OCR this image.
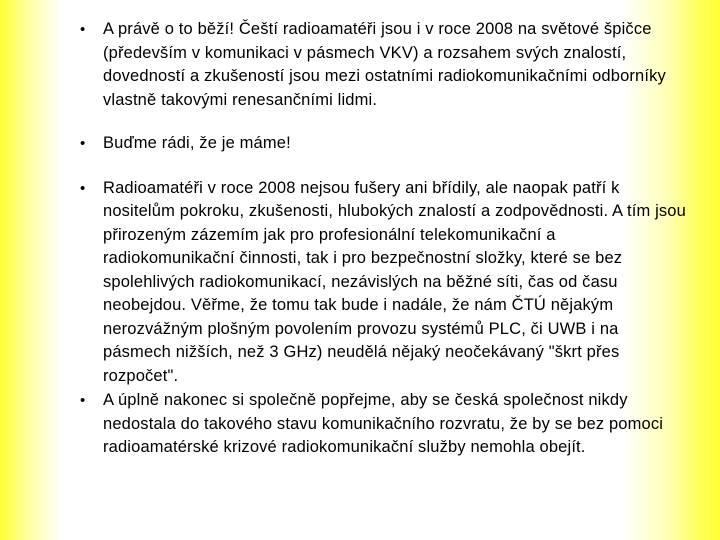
• A právě o to běží! Čeští radioamatéři jsou i v roce 2008 na světové špičce (především v komunikaci v pásmech VKV) a rozsahem svých znalostí, dovedností a zkušeností jsou mezi ostatními radiokomunikačními odborníky vlastně takovými renesančními lidmi.
• Buďme rádi, že je máme!
• Radioamatéři v roce 2008 nejsou fušery ani břídily, ale naopak patří k nositelům pokroku, zkušenosti, hlubokých znalostí a zodpovědnosti. A tím jsou přirozeným zázemím jak pro profesionální telekomunikační a radiokomunikační činnosti, tak i pro bezpečnostní složky, které se bez spolehlivých radiokomunikací, nezávislých na běžné síti, čas od času neobejdou. Věřme, že tomu tak bude i nadále, že nám ČTÚ nějakým nerozvážným plošným povolením provozu systémů PLC, či UWB i na pásmech nižších, než 3 GHz) neudělá nějaký neočekávaný "škrt přes rozpočet".
• A úplně nakonec si společně popřejme, aby se česká společnost nikdy nedostala do takového stavu komunikačního rozvratu, že by se bez pomoci radioamatérské krizové radiokomunikační služby nemohla obejít.
